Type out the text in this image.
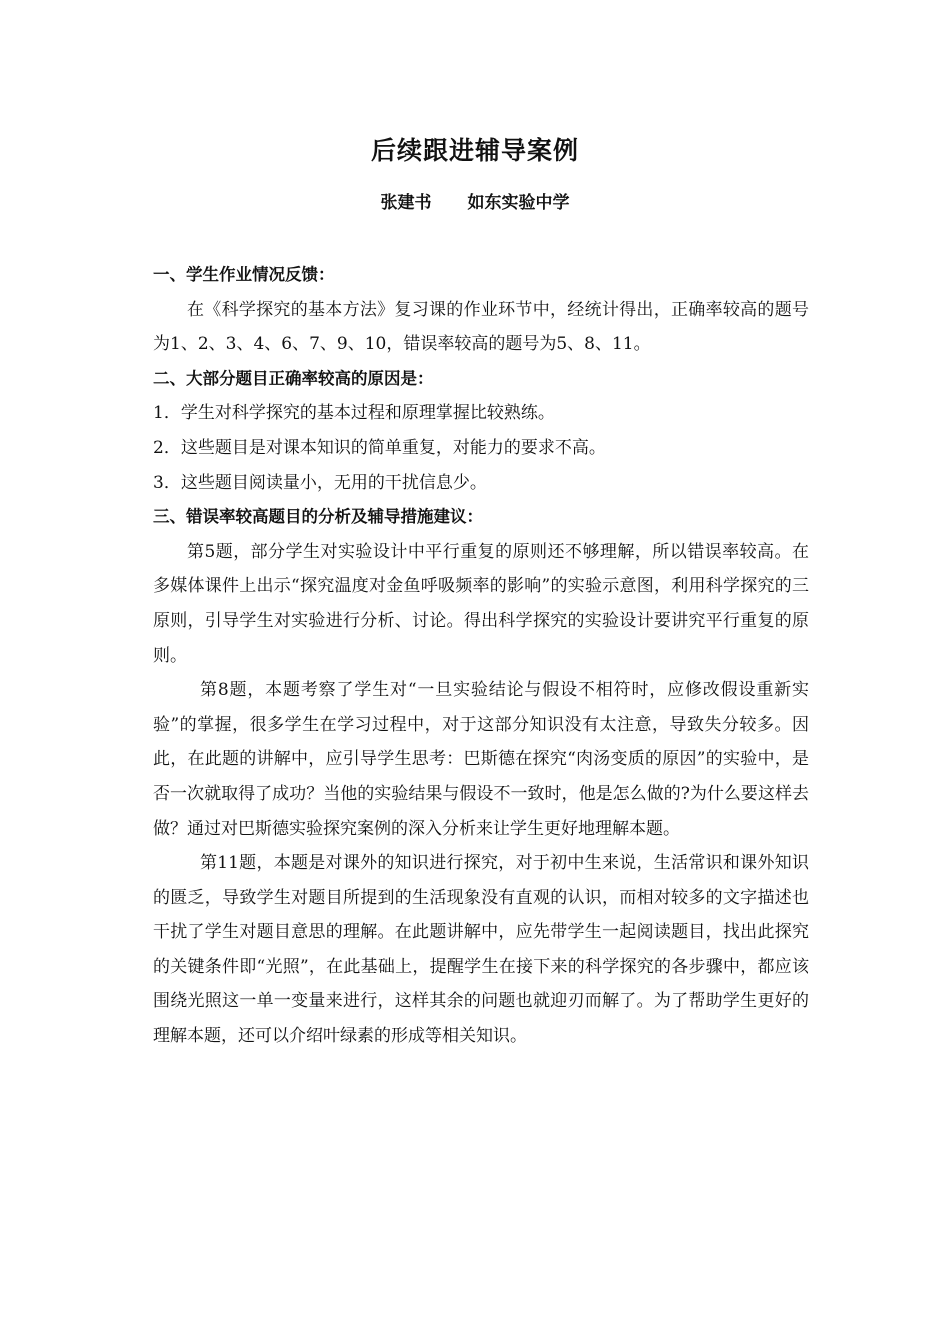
后续跟进辅导案例
张建书 如东实验中学

一、学生作业情况反馈：

在《科学探究的基本方法》复习课的作业环节中，经统计得出，正确率较高的题号为1、2、3、4、6、7、9、10，错误率较高的题号为5、8、11。

二、大部分题目正确率较高的原因是：

1．学生对科学探究的基本过程和原理掌握比较熟练。

2．这些题目是对课本知识的简单重复，对能力的要求不高。

3．这些题目阅读量小，无用的干扰信息少。

三、错误率较高题目的分析及辅导措施建议：

第5题，部分学生对实验设计中平行重复的原则还不够理解，所以错误率较高。在多媒体课件上出示“探究温度对金鱼呼吸频率的影响”的实验示意图，利用科学探究的三原则，引导学生对实验进行分析、讨论。得出科学探究的实验设计要讲究平行重复的原则。

第8题，本题考察了学生对“一旦实验结论与假设不相符时，应修改假设重新实验”的掌握，很多学生在学习过程中，对于这部分知识没有太注意，导致失分较多。因此，在此题的讲解中，应引导学生思考：巴斯德在探究“肉汤变质的原因”的实验中，是否一次就取得了成功？当他的实验结果与假设不一致时，他是怎么做的?为什么要这样去做？通过对巴斯德实验探究案例的深入分析来让学生更好地理解本题。

第11题，本题是对课外的知识进行探究，对于初中生来说，生活常识和课外知识的匮乏，导致学生对题目所提到的生活现象没有直观的认识，而相对较多的文字描述也干扰了学生对题目意思的理解。在此题讲解中，应先带学生一起阅读题目，找出此探究的关键条件即“光照”，在此基础上，提醒学生在接下来的科学探究的各步骤中，都应该围绕光照这一单一变量来进行，这样其余的问题也就迎刃而解了。为了帮助学生更好的理解本题，还可以介绍叶绿素的形成等相关知识。
